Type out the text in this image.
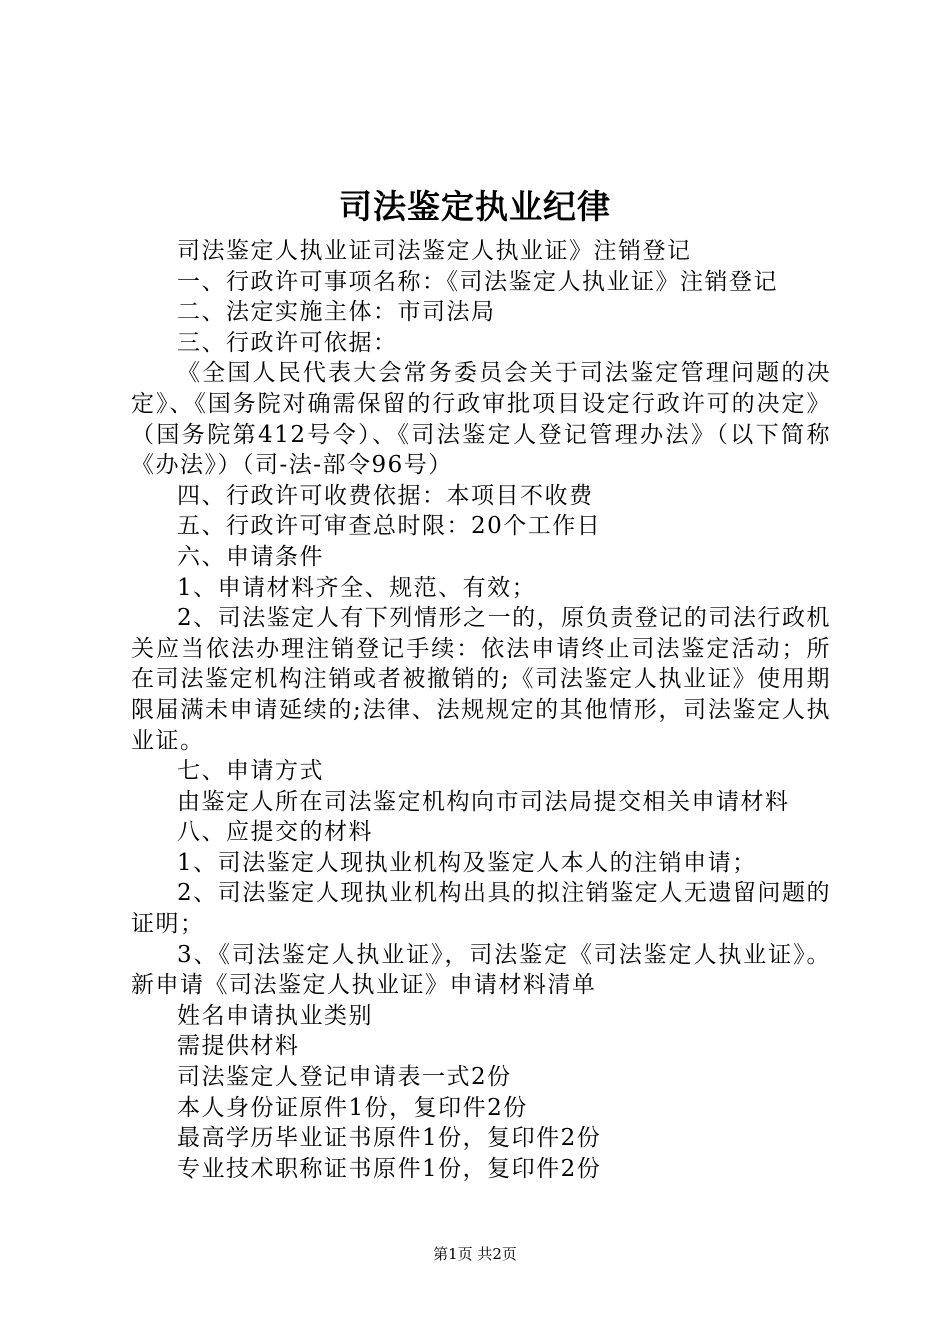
司法鉴定执业纪律

司法鉴定人执业证司法鉴定人执业证》注销登记

一、行政许可事项名称：《司法鉴定人执业证》注销登记

二、法定实施主体：市司法局

三、行政许可依据：

《全国人民代表大会常务委员会关于司法鉴定管理问题的决定》、《国务院对确需保留的行政审批项目设定行政许可的决定》（国务院第412号令）、《司法鉴定人登记管理办法》（以下简称《办法》）（司-法-部令96号）

四、行政许可收费依据：本项目不收费

五、行政许可审查总时限：20个工作日

六、申请条件

1、申请材料齐全、规范、有效；

2、司法鉴定人有下列情形之一的，原负责登记的司法行政机关应当依法办理注销登记手续：依法申请终止司法鉴定活动；所在司法鉴定机构注销或者被撤销的;《司法鉴定人执业证》使用期限届满未申请延续的;法律、法规规定的其他情形，司法鉴定人执业证。

七、申请方式

由鉴定人所在司法鉴定机构向市司法局提交相关申请材料

八、应提交的材料

1、司法鉴定人现执业机构及鉴定人本人的注销申请；

2、司法鉴定人现执业机构出具的拟注销鉴定人无遗留问题的证明；

3、《司法鉴定人执业证》，司法鉴定《司法鉴定人执业证》。新申请《司法鉴定人执业证》申请材料清单

姓名申请执业类别

需提供材料

司法鉴定人登记申请表一式2份

本人身份证原件1份，复印件2份

最高学历毕业证书原件1份，复印件2份

专业技术职称证书原件1份，复印件2份

第1页 共2页
